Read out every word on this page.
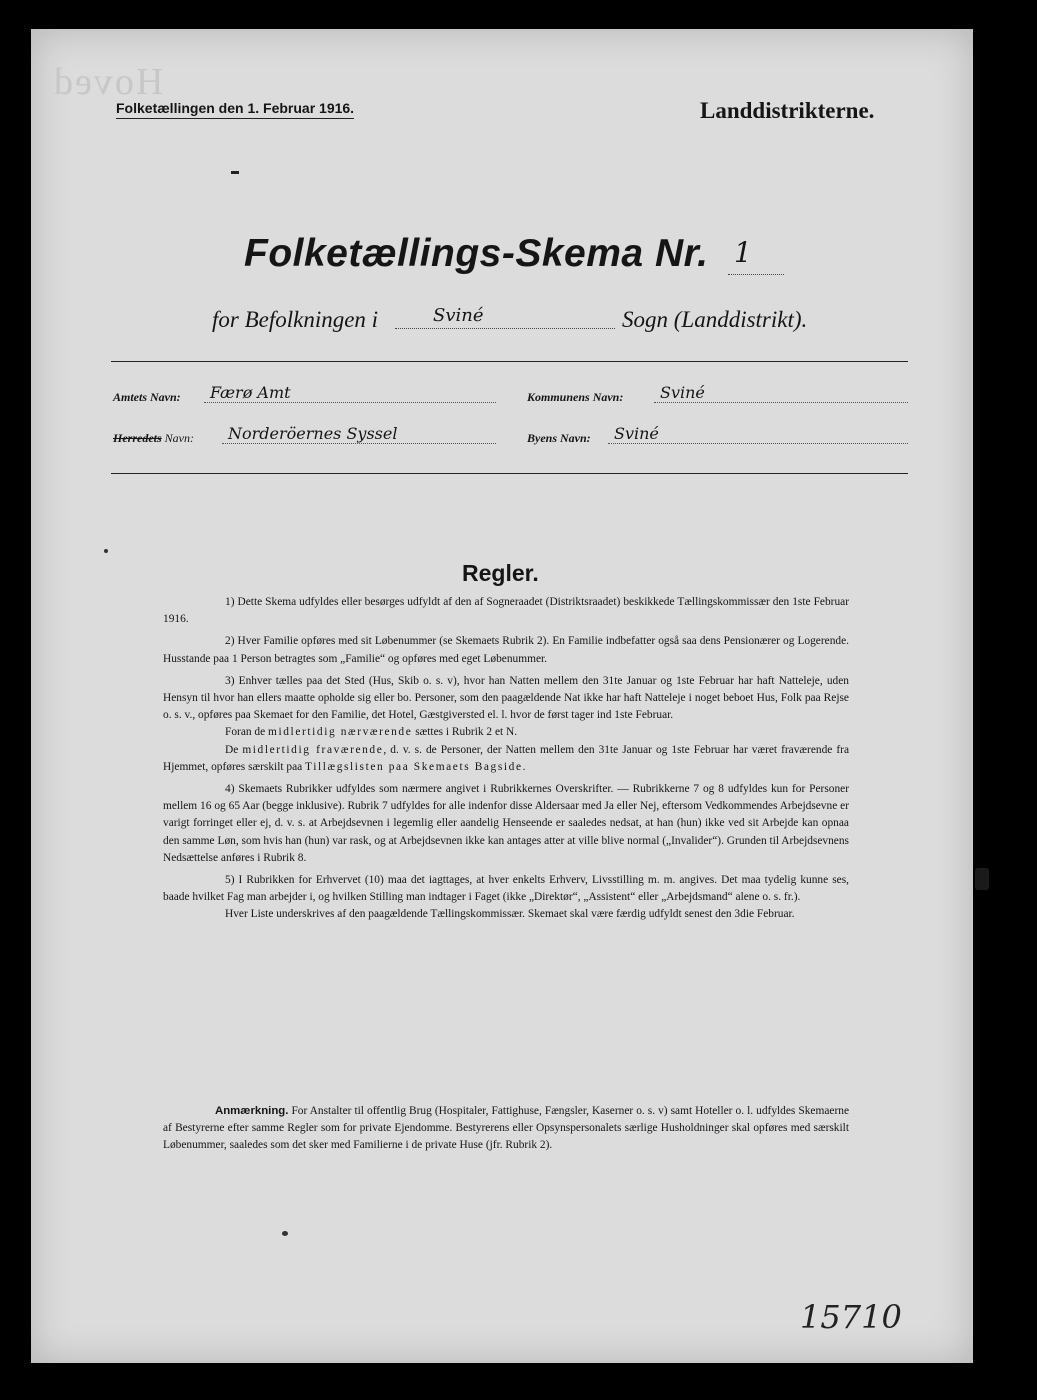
Hoved
Folketællingen den 1. Februar 1916.	Landdistrikterne.
Folketællings-Skema Nr. 1
for Befolkningen i	Sviné	Sogn (Landdistrikt).
Amtets Navn:	Færø Amt	Kommunens Navn:	Sviné
Herredets Navn:	Norderöernes Syssel	Byens Navn:	Sviné
Regler.

1) Dette Skema udfyldes eller besørges udfyldt af den af Sogneraadet (Distriktsraadet) beskikkede Tællingskommissær den 1ste Februar 1916.

2) Hver Familie opføres med sit Løbenummer (se Skemaets Rubrik 2). En Familie indbefatter også saa dens Pensionærer og Logerende. Husstande paa 1 Person betragtes som „Familie“ og opføres med eget Løbenummer.

3) Enhver tælles paa det Sted (Hus, Skib o. s. v), hvor han Natten mellem den 31te Januar og 1ste Februar har haft Natteleje, uden Hensyn til hvor han ellers maatte opholde sig eller bo. Personer, som den paagældende Nat ikke har haft Natteleje i noget beboet Hus, Folk paa Rejse o. s. v., opføres paa Skemaet for den Familie, det Hotel, Gæstgiversted el. l. hvor de først tager ind 1ste Februar.

Foran de midlertidig nærværende sættes i Rubrik 2 et N.

De midlertidig fraværende, d. v. s. de Personer, der Natten mellem den 31te Januar og 1ste Februar har været fraværende fra Hjemmet, opføres særskilt paa Tillægslisten paa Skemaets Bagside.

4) Skemaets Rubrikker udfyldes som nærmere angivet i Rubrikkernes Overskrifter. — Rubrikkerne 7 og 8 udfyldes kun for Personer mellem 16 og 65 Aar (begge inklusive). Rubrik 7 udfyldes for alle indenfor disse Aldersaar med Ja eller Nej, eftersom Vedkommendes Arbejdsevne er varigt forringet eller ej, d. v. s. at Arbejdsevnen i legemlig eller aandelig Henseende er saaledes nedsat, at han (hun) ikke ved sit Arbejde kan opnaa den samme Løn, som hvis han (hun) var rask, og at Arbejdsevnen ikke kan antages atter at ville blive normal („Invalider“). Grunden til Arbejdsevnens Nedsættelse anføres i Rubrik 8.

5) I Rubrikken for Erhvervet (10) maa det iagttages, at hver enkelts Erhverv, Livsstilling m. m. angives. Det maa tydelig kunne ses, baade hvilket Fag man arbejder i, og hvilken Stilling man indtager i Faget (ikke „Direktør“, „Assistent“ eller „Arbejdsmand“ alene o. s. fr.).

Hver Liste underskrives af den paagældende Tællingskommissær. Skemaet skal være færdig udfyldt senest den 3die Februar.

Anmærkning. For Anstalter til offentlig Brug (Hospitaler, Fattighuse, Fængsler, Kaserner o. s. v) samt Hoteller o. l. udfyldes Skemaerne af Bestyrerne efter samme Regler som for private Ejendomme. Bestyrerens eller Opsynspersonalets særlige Husholdninger skal opføres med særskilt Løbenummer, saaledes som det sker med Familierne i de private Huse (jfr. Rubrik 2).

15710
